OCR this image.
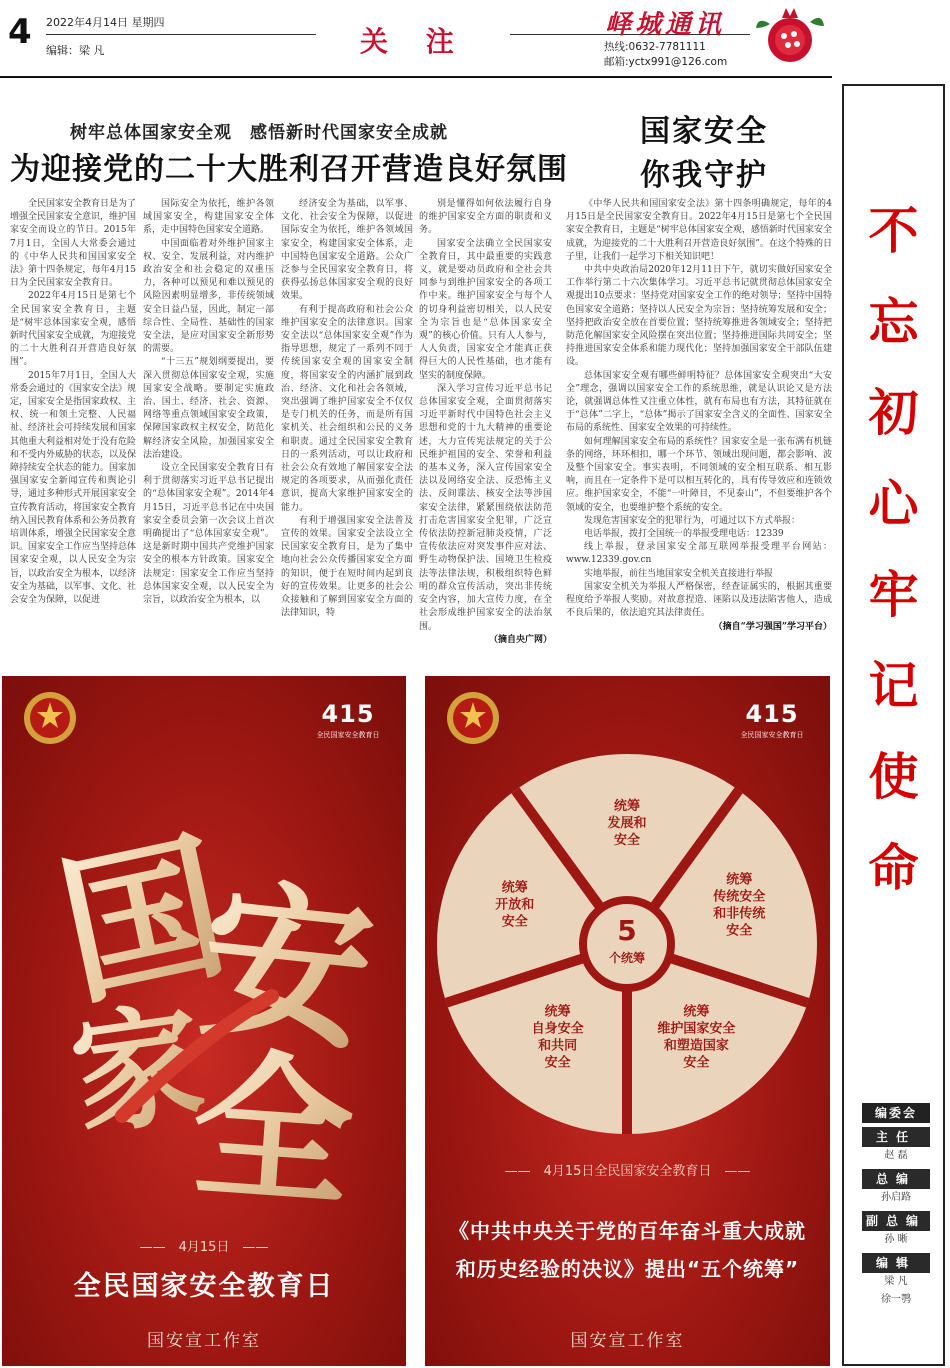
4 2022年4月14日 星期四
编辑：梁 凡	关 注	峄城通讯
热线:0632-7781111
邮箱:yctx991@126.com
树牢总体国家安全观　感悟新时代国家安全成就
为迎接党的二十大胜利召开营造良好氛围
国家安全
你我守护

全民国家安全教育日是为了增强全民国家安全意识，维护国家安全而设立的节日。2015年7月1日，全国人大常委会通过的《中华人民共和国国家安全法》第十四条规定，每年4月15日为全民国家安全教育日。

2022年4月15日是第七个全民国家安全教育日，主题是“树牢总体国家安全观，感悟新时代国家安全成就，为迎接党的二十大胜利召开营造良好氛围”。

2015年7月1日，全国人大常委会通过的《国家安全法》规定，国家安全是指国家政权、主权、统一和领土完整、人民福祉、经济社会可持续发展和国家其他重大利益相对处于没有危险和不受内外威胁的状态，以及保障持续安全状态的能力。国家加强国家安全新闻宣传和舆论引导，通过多种形式开展国家安全宣传教育活动，将国家安全教育纳入国民教育体系和公务员教育培训体系，增强全民国家安全意识。国家安全工作应当坚持总体国家安全观，以人民安全为宗旨，以政治安全为根本，以经济安全为基础，以军事、文化、社会安全为保障，以促进

国际安全为依托，维护各领域国家安全，构建国家安全体系，走中国特色国家安全道路。

中国面临着对外维护国家主权、安全、发展利益，对内维护政治安全和社会稳定的双重压力，各种可以预见和难以预见的风险因素明显增多，非传统领域安全日益凸显，因此，制定一部综合性、全局性、基础性的国家安全法，是应对国家安全新形势的需要。

“十三五”规划纲要提出，要深入贯彻总体国家安全观，实施国家安全战略。要制定实施政治、国土、经济、社会、资源、网络等重点领域国家安全政策，保障国家政权主权安全，防范化解经济安全风险，加强国家安全法治建设。

设立全民国家安全教育日有利于贯彻落实习近平总书记提出的“总体国家安全观”。2014年4月15日，习近平总书记在中央国家安全委员会第一次会议上首次明确提出了“总体国家安全观”。这是新时期中国共产党维护国家安全的根本方针政策。国家安全法规定：国家安全工作应当坚持总体国家安全观，以人民安全为宗旨，以政治安全为根本，以

经济安全为基础，以军事、文化、社会安全为保障，以促进国际安全为依托，维护各领域国家安全，构建国家安全体系，走中国特色国家安全道路。公众广泛参与全民国家安全教育日，将获得弘扬总体国家安全观的良好效果。

有利于提高政府和社会公众维护国家安全的法律意识。国家安全法以“总体国家安全观”作为指导思想，规定了一系列不同于传统国家安全观的国家安全制度，将国家安全的内涵扩展到政治、经济、文化和社会各领域，突出强调了维护国家安全不仅仅是专门机关的任务，而是所有国家机关、社会组织和公民的义务和职责。通过全民国家安全教育日的一系列活动，可以让政府和社会公众有效地了解国家安全法规定的各项要求，从而强化责任意识，提高大家维护国家安全的能力。

有利于增强国家安全法普及宣传的效果。国家安全法设立全民国家安全教育日，是为了集中地向社会公众传播国家安全方面的知识，便于在短时间内起到良好的宣传效果。让更多的社会公众接触和了解到国家安全方面的法律知识，特

别是懂得如何依法履行自身的维护国家安全方面的职责和义务。

国家安全法确立全民国家安全教育日，其中最重要的实践意义，就是要动员政府和全社会共同参与到维护国家安全的各项工作中来。维护国家安全与每个人的切身利益密切相关，以人民安全为宗旨也是“总体国家安全观”的核心价值。只有人人参与，人人负责，国家安全才能真正获得巨大的人民性基础，也才能有坚实的制度保障。

深入学习宣传习近平总书记总体国家安全观，全面贯彻落实习近平新时代中国特色社会主义思想和党的十九大精神的重要论述，大力宣传宪法规定的关于公民维护祖国的安全、荣誉和利益的基本义务，深入宣传国家安全法以及网络安全法、反恐怖主义法、反间谍法、核安全法等涉国家安全法律，紧紧围绕依法防范打击危害国家安全犯罪，广泛宣传依法防控新冠肺炎疫情，广泛宣传依法应对突发事件应对法、野生动物保护法、国境卫生检疫法等法律法规，积极组织特色鲜明的群众宣传活动，突出非传统安全内容，加大宣传力度，在全社会形成维护国家安全的法治氛围。

（摘自央广网）

《中华人民共和国国家安全法》第十四条明确规定，每年的4月15日是全民国家安全教育日。2022年4月15日是第七个全民国家安全教育日，主题是“树牢总体国家安全观，感悟新时代国家安全成就，为迎接党的二十大胜利召开营造良好氛围”。在这个特殊的日子里，让我们一起学习下相关知识吧！

中共中央政治局2020年12月11日下午，就切实做好国家安全工作举行第二十六次集体学习。习近平总书记就贯彻总体国家安全观提出10点要求：坚持党对国家安全工作的绝对领导；坚持中国特色国家安全道路；坚持以人民安全为宗旨；坚持统筹发展和安全；坚持把政治安全放在首要位置；坚持统筹推进各领域安全；坚持把防范化解国家安全风险摆在突出位置；坚持推进国际共同安全；坚持推进国家安全体系和能力现代化；坚持加强国家安全干部队伍建设。

总体国家安全观有哪些鲜明特征？总体国家安全观突出“大安全”理念，强调以国家安全工作的系统思维，就是认识论又是方法论，就强调总体性又注重立体性，就有布局也有方法，其特征就在于“总体”二字上，“总体”揭示了国家安全含义的全面性、国家安全布局的系统性、国家安全效果的可持续性。

如何理解国家安全布局的系统性？国家安全是一张布满有机链条的网络，环环相扣，哪一个环节、领域出现问题，都会影响、波及整个国家安全。事实表明，不同领域的安全相互联系、相互影响，而且在一定条件下是可以相互转化的，具有传导效应和连锁效应。维护国家安全，不能“一叶障目，不见泰山”，不但要维护各个领域的安全，也要维护整个系统的安全。

发现危害国家安全的犯罪行为，可通过以下方式举报：

电话举报，拨打全国统一的举报受理电话：12339

线上举报，登录国家安全部互联网举报受理平台网站：www.12339.gov.cn

实地举报，前往当地国家安全机关直接进行举报

国家安全机关为举报人严格保密，经查证属实的，根据其重要程度给予举报人奖励。对故意捏造、诬陷以及违法陷害他人，造成不良后果的，依法追究其法律责任。

（摘自“学习强国”学习平台）

415
全民国家安全教育日
国
家
安
全
——　4月15日　——
全民国家安全教育日
国安宣工作室
415
全民国家安全教育日
5
个统筹
统筹发展和安全
统筹传统安全和非传统安全
统筹维护国家安全和塑造国家安全
统筹自身安全和共同安全
统筹开放和安全
——　4月15日全民国家安全教育日　——
《中共中央关于党的百年奋斗重大成就
和历史经验的决议》提出“五个统筹”
国安宣工作室
不
忘
初
心
牢
记
使
命
编委会
主任
赵 磊
总编
孙启路
副总编
孙 晰
编辑
梁 凡
徐一鹗
